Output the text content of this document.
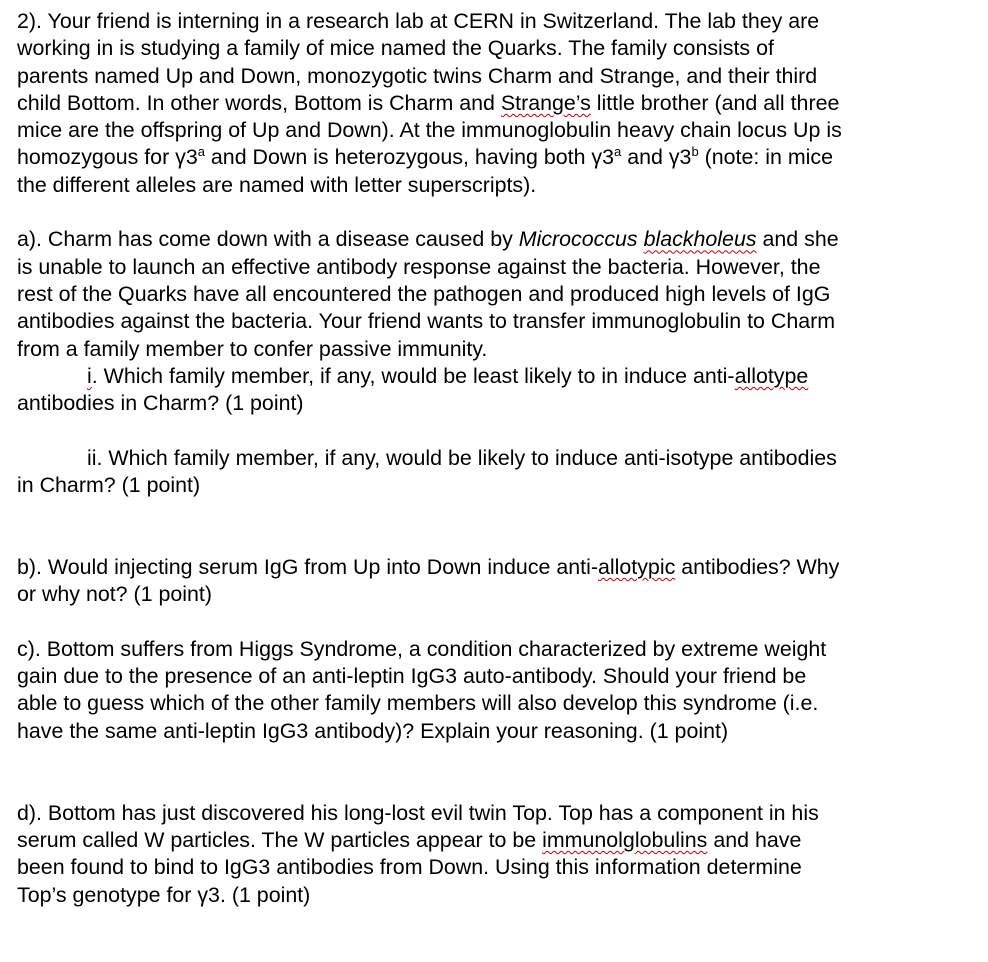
2). Your friend is interning in a research lab at CERN in Switzerland. The lab they are
working in is studying a family of mice named the Quarks. The family consists of
parents named Up and Down, monozygotic twins Charm and Strange, and their third
child Bottom. In other words, Bottom is Charm and Strange’s little brother (and all three
mice are the offspring of Up and Down). At the immunoglobulin heavy chain locus Up is
homozygous for γ3$^a$ and Down is heterozygous, having both γ3$^a$ and γ3$^b$ (note: in mice
the different alleles are named with letter superscripts).
a). Charm has come down with a disease caused by Micrococcus blackholeus and she
is unable to launch an effective antibody response against the bacteria. However, the
rest of the Quarks have all encountered the pathogen and produced high levels of IgG
antibodies against the bacteria. Your friend wants to transfer immunoglobulin to Charm
from a family member to confer passive immunity.
i. Which family member, if any, would be least likely to in induce anti-allotype
antibodies in Charm? (1 point)
ii. Which family member, if any, would be likely to induce anti-isotype antibodies
in Charm? (1 point)
b). Would injecting serum IgG from Up into Down induce anti-allotypic antibodies? Why
or why not? (1 point)
c). Bottom suffers from Higgs Syndrome, a condition characterized by extreme weight
gain due to the presence of an anti-leptin IgG3 auto-antibody. Should your friend be
able to guess which of the other family members will also develop this syndrome (i.e.
have the same anti-leptin IgG3 antibody)? Explain your reasoning. (1 point)
d). Bottom has just discovered his long-lost evil twin Top. Top has a component in his
serum called W particles. The W particles appear to be immunolglobulins and have
been found to bind to IgG3 antibodies from Down. Using this information determine
Top’s genotype for γ3. (1 point)
